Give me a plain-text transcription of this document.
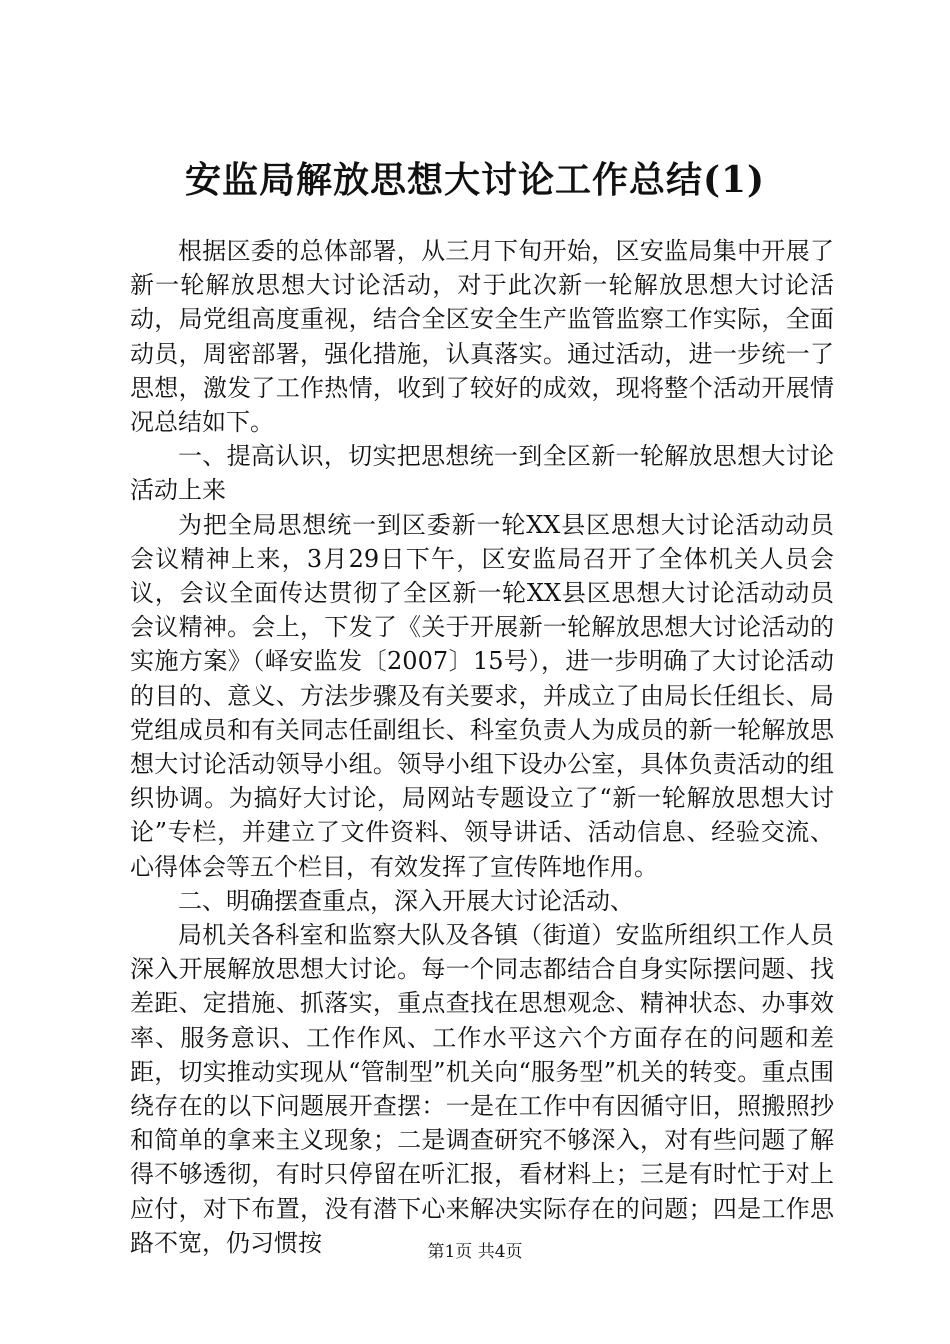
安监局解放思想大讨论工作总结(1)

根据区委的总体部署，从三月下旬开始，区安监局集中开展了新一轮解放思想大讨论活动，对于此次新一轮解放思想大讨论活动，局党组高度重视，结合全区安全生产监管监察工作实际，全面动员，周密部署，强化措施，认真落实。通过活动，进一步统一了思想，激发了工作热情，收到了较好的成效，现将整个活动开展情况总结如下。

一、提高认识，切实把思想统一到全区新一轮解放思想大讨论活动上来

为把全局思想统一到区委新一轮XX县区思想大讨论活动动员会议精神上来，3月29日下午，区安监局召开了全体机关人员会议，会议全面传达贯彻了全区新一轮XX县区思想大讨论活动动员会议精神。会上，下发了《关于开展新一轮解放思想大讨论活动的实施方案》（峄安监发〔2007〕15号），进一步明确了大讨论活动的目的、意义、方法步骤及有关要求，并成立了由局长任组长、局党组成员和有关同志任副组长、科室负责人为成员的新一轮解放思想大讨论活动领导小组。领导小组下设办公室，具体负责活动的组织协调。为搞好大讨论，局网站专题设立了“新一轮解放思想大讨论”专栏，并建立了文件资料、领导讲话、活动信息、经验交流、心得体会等五个栏目，有效发挥了宣传阵地作用。

二、明确摆查重点，深入开展大讨论活动、

局机关各科室和监察大队及各镇（街道）安监所组织工作人员深入开展解放思想大讨论。每一个同志都结合自身实际摆问题、找差距、定措施、抓落实，重点查找在思想观念、精神状态、办事效率、服务意识、工作作风、工作水平这六个方面存在的问题和差距，切实推动实现从“管制型”机关向“服务型”机关的转变。重点围绕存在的以下问题展开查摆：一是在工作中有因循守旧，照搬照抄和简单的拿来主义现象；二是调查研究不够深入，对有些问题了解得不够透彻，有时只停留在听汇报，看材料上；三是有时忙于对上应付，对下布置，没有潜下心来解决实际存在的问题；四是工作思路不宽，仍习惯按	第1页 共4页
